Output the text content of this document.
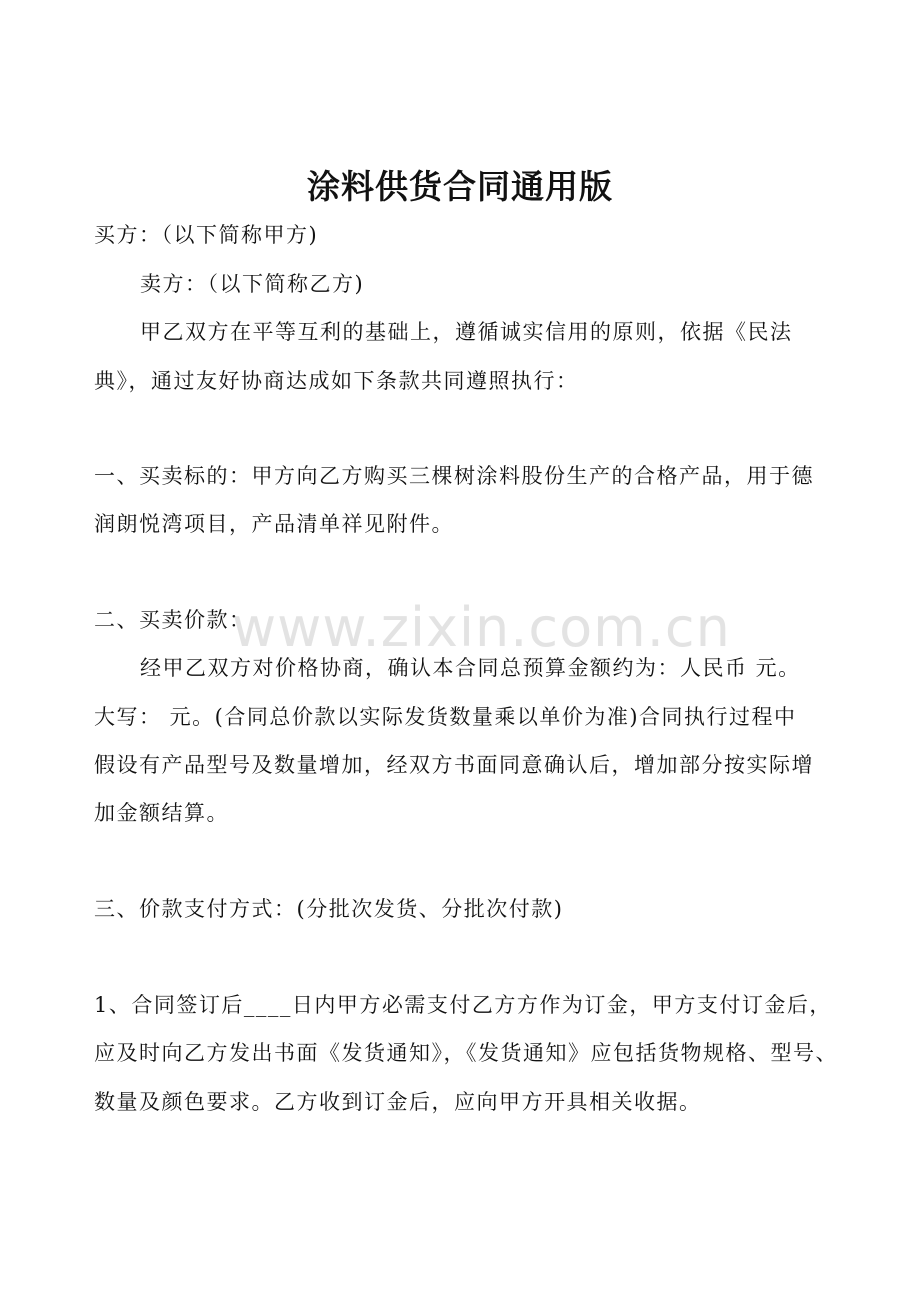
涂料供货合同通用版
买方：（以下简称甲方)
卖方：（以下简称乙方)
甲乙双方在平等互利的基础上，遵循诚实信用的原则，依据《民法
典》，通过友好协商达成如下条款共同遵照执行：
一、买卖标的：甲方向乙方购买三棵树涂料股份生产的合格产品，用于德
润朗悦湾项目，产品清单祥见附件。
二、买卖价款：
经甲乙双方对价格协商，确认本合同总预算金额约为：人民币 元。
大写： 元。(合同总价款以实际发货数量乘以单价为准)合同执行过程中
假设有产品型号及数量增加，经双方书面同意确认后，增加部分按实际增
加金额结算。
三、价款支付方式：(分批次发货、分批次付款)
1、合同签订后____日内甲方必需支付乙方方作为订金，甲方支付订金后，
应及时向乙方发出书面《发货通知》，《发货通知》应包括货物规格、型号、
数量及颜色要求。乙方收到订金后，应向甲方开具相关收据。
www.zixin.com.cn
